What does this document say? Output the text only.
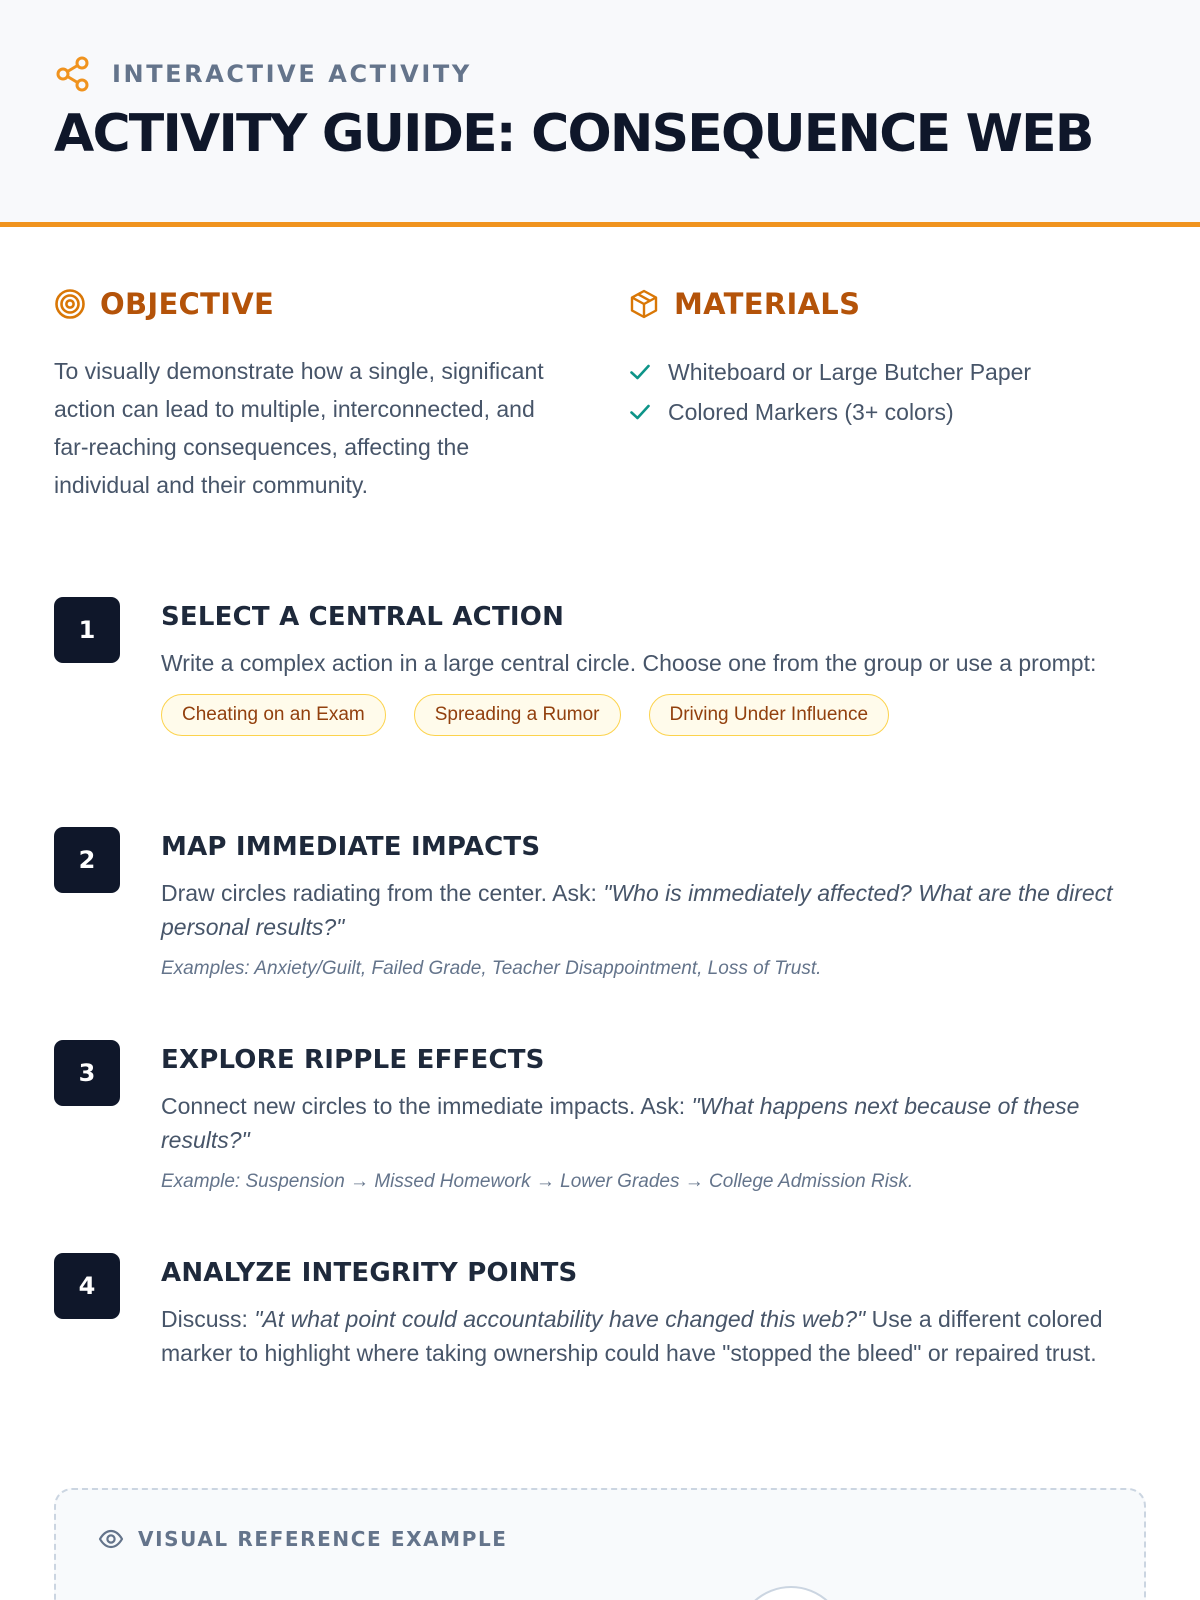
INTERACTIVE ACTIVITY
ACTIVITY GUIDE: CONSEQUENCE WEB
OBJECTIVE

To visually demonstrate how a single, significant action can lead to multiple, interconnected, and far-reaching consequences, affecting the individual and their community.

MATERIALS
Whiteboard or Large Butcher Paper
Colored Markers (3+ colors)
1	SELECT A CENTRAL ACTION

Write a complex action in a large central circle. Choose one from the group or use a prompt:

Cheating on an Exam	Spreading a Rumor	Driving Under Influence
2	MAP IMMEDIATE IMPACTS

Draw circles radiating from the center. Ask: "Who is immediately affected? What are the direct personal results?"

Examples: Anxiety/Guilt, Failed Grade, Teacher Disappointment, Loss of Trust.

3	EXPLORE RIPPLE EFFECTS

Connect new circles to the immediate impacts. Ask: "What happens next because of these results?"

Example: Suspension → Missed Homework → Lower Grades → College Admission Risk.

4	ANALYZE INTEGRITY POINTS

Discuss: "At what point could accountability have changed this web?" Use a different colored marker to highlight where taking ownership could have "stopped the bleed" or repaired trust.

VISUAL REFERENCE EXAMPLE
